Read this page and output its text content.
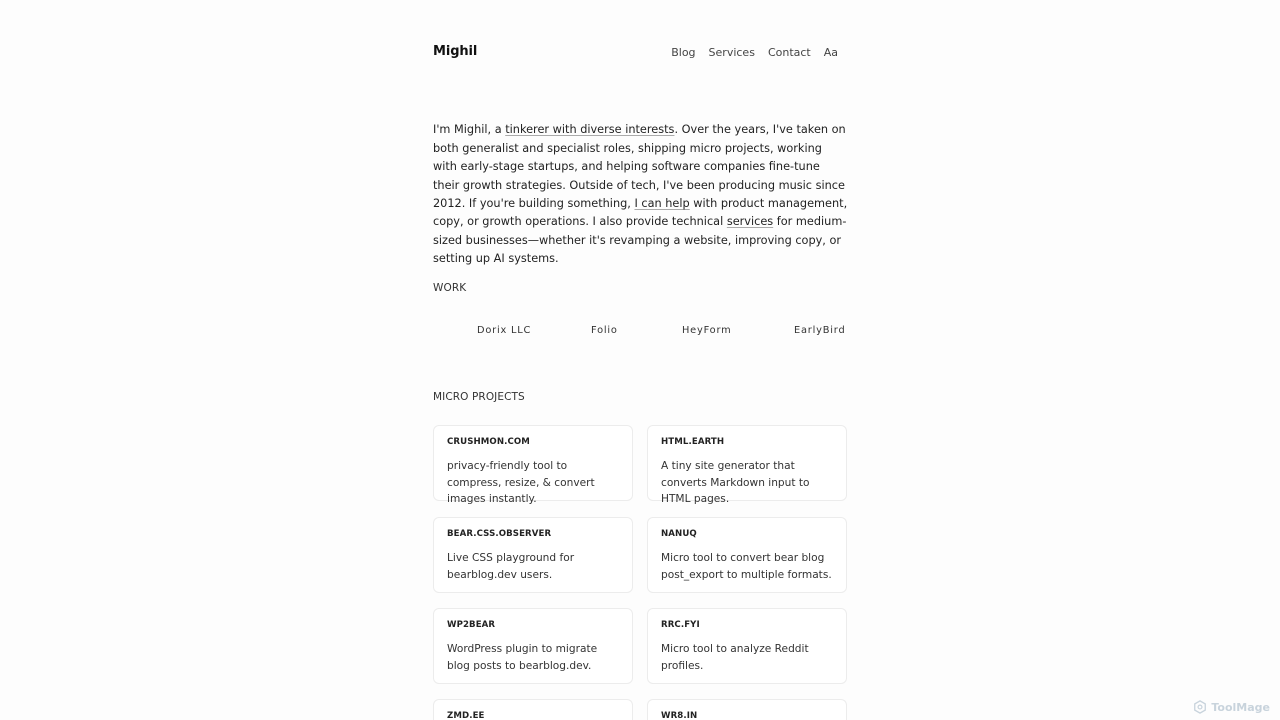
Mighil	Blog Services Contact Aa

I'm Mighil, a tinkerer with diverse interests. Over the years, I've taken on both generalist and specialist roles, shipping micro projects, working with early-stage startups, and helping software companies fine-tune their growth strategies. Outside of tech, I've been producing music since 2012. If you're building something, I can help with product management, copy, or growth operations. I also provide technical services for medium-sized businesses—whether it's revamping a website, improving copy, or setting up AI systems.

WORK
Dorix LLC	Folio	HeyForm	EarlyBird
MICRO PROJECTS
CRUSHMON.COM
privacy-friendly tool to compress, resize, & convert images instantly.
HTML.EARTH
A tiny site generator that converts Markdown input to HTML pages.
BEAR.CSS.OBSERVER
Live CSS playground for bearblog.dev users.
NANUQ
Micro tool to convert bear blog post_export to multiple formats.
WP2BEAR
WordPress plugin to migrate blog posts to bearblog.dev.
RRC.FYI
Micro tool to analyze Reddit profiles.
ZMD.EE	WR8.IN
ToolMage
